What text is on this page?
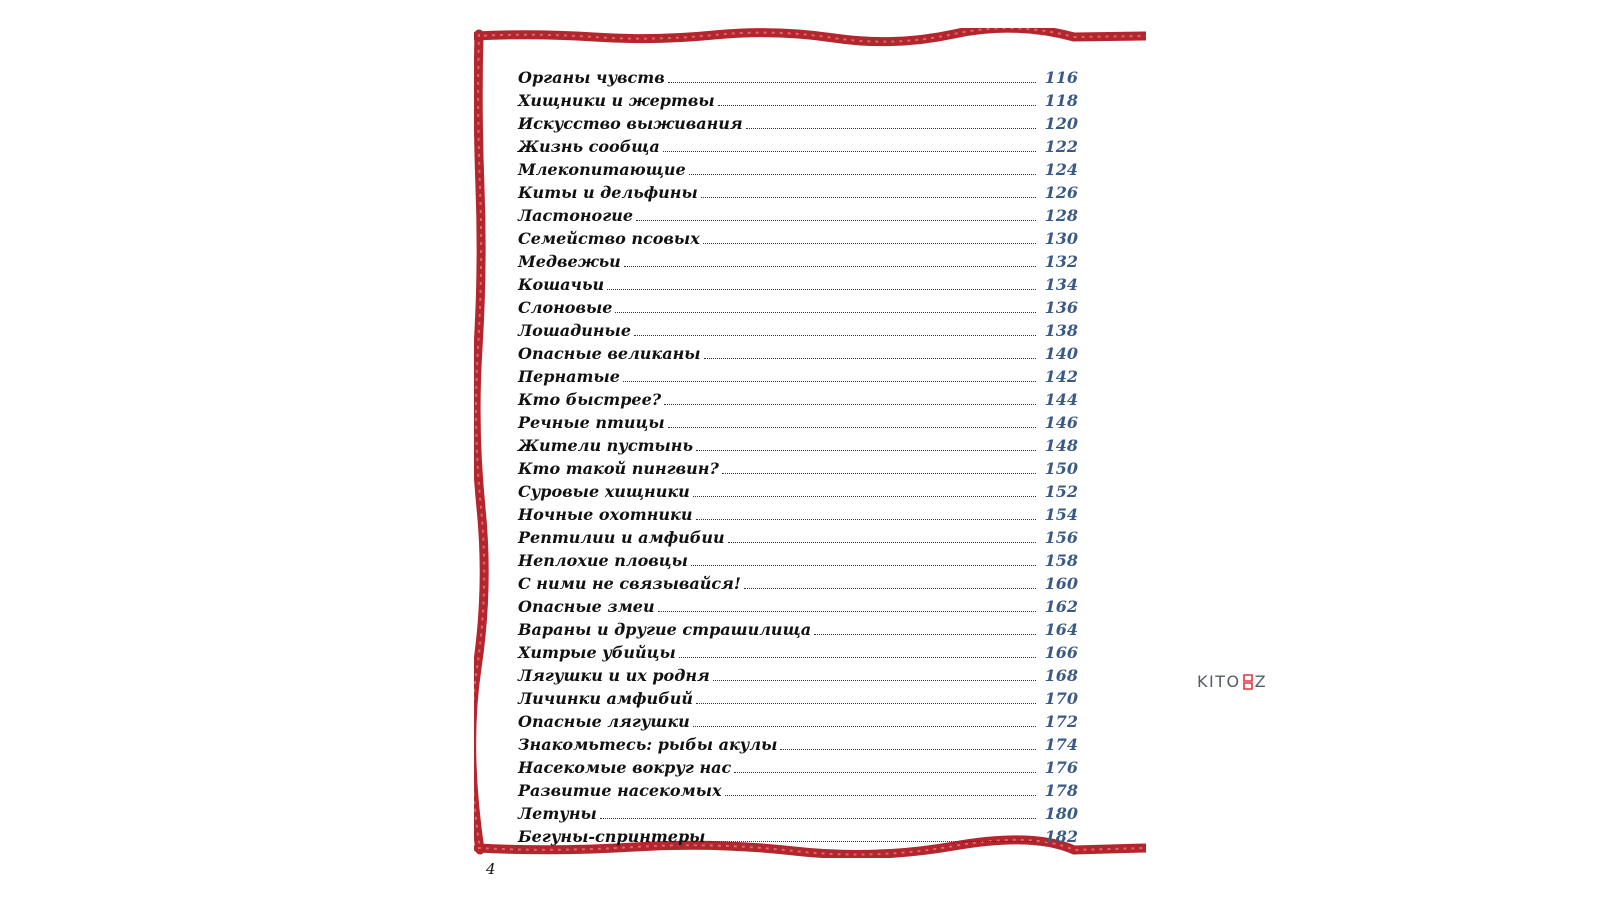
Органы чувств	116
Хищники и жертвы	118
Искусство выживания	120
Жизнь сообща	122
Млекопитающие	124
Киты и дельфины	126
Ластоногие	128
Семейство псовых	130
Медвежьи	132
Кошачьи	134
Слоновые	136
Лошадиные	138
Опасные великаны	140
Пернатые	142
Кто быстрее?	144
Речные птицы	146
Жители пустынь	148
Кто такой пингвин?	150
Суровые хищники	152
Ночные охотники	154
Рептилии и амфибии	156
Неплохие пловцы	158
С ними не связывайся!	160
Опасные змеи	162
Вараны и другие страшилища	164
Хитрые убийцы	166
Лягушки и их родня	168
Личинки амфибий	170
Опасные лягушки	172
Знакомьтесь: рыбы акулы	174
Насекомые вокруг нас	176
Развитие насекомых	178
Летуны	180
Бегуны-спринтеры	182
4
KITO Z
